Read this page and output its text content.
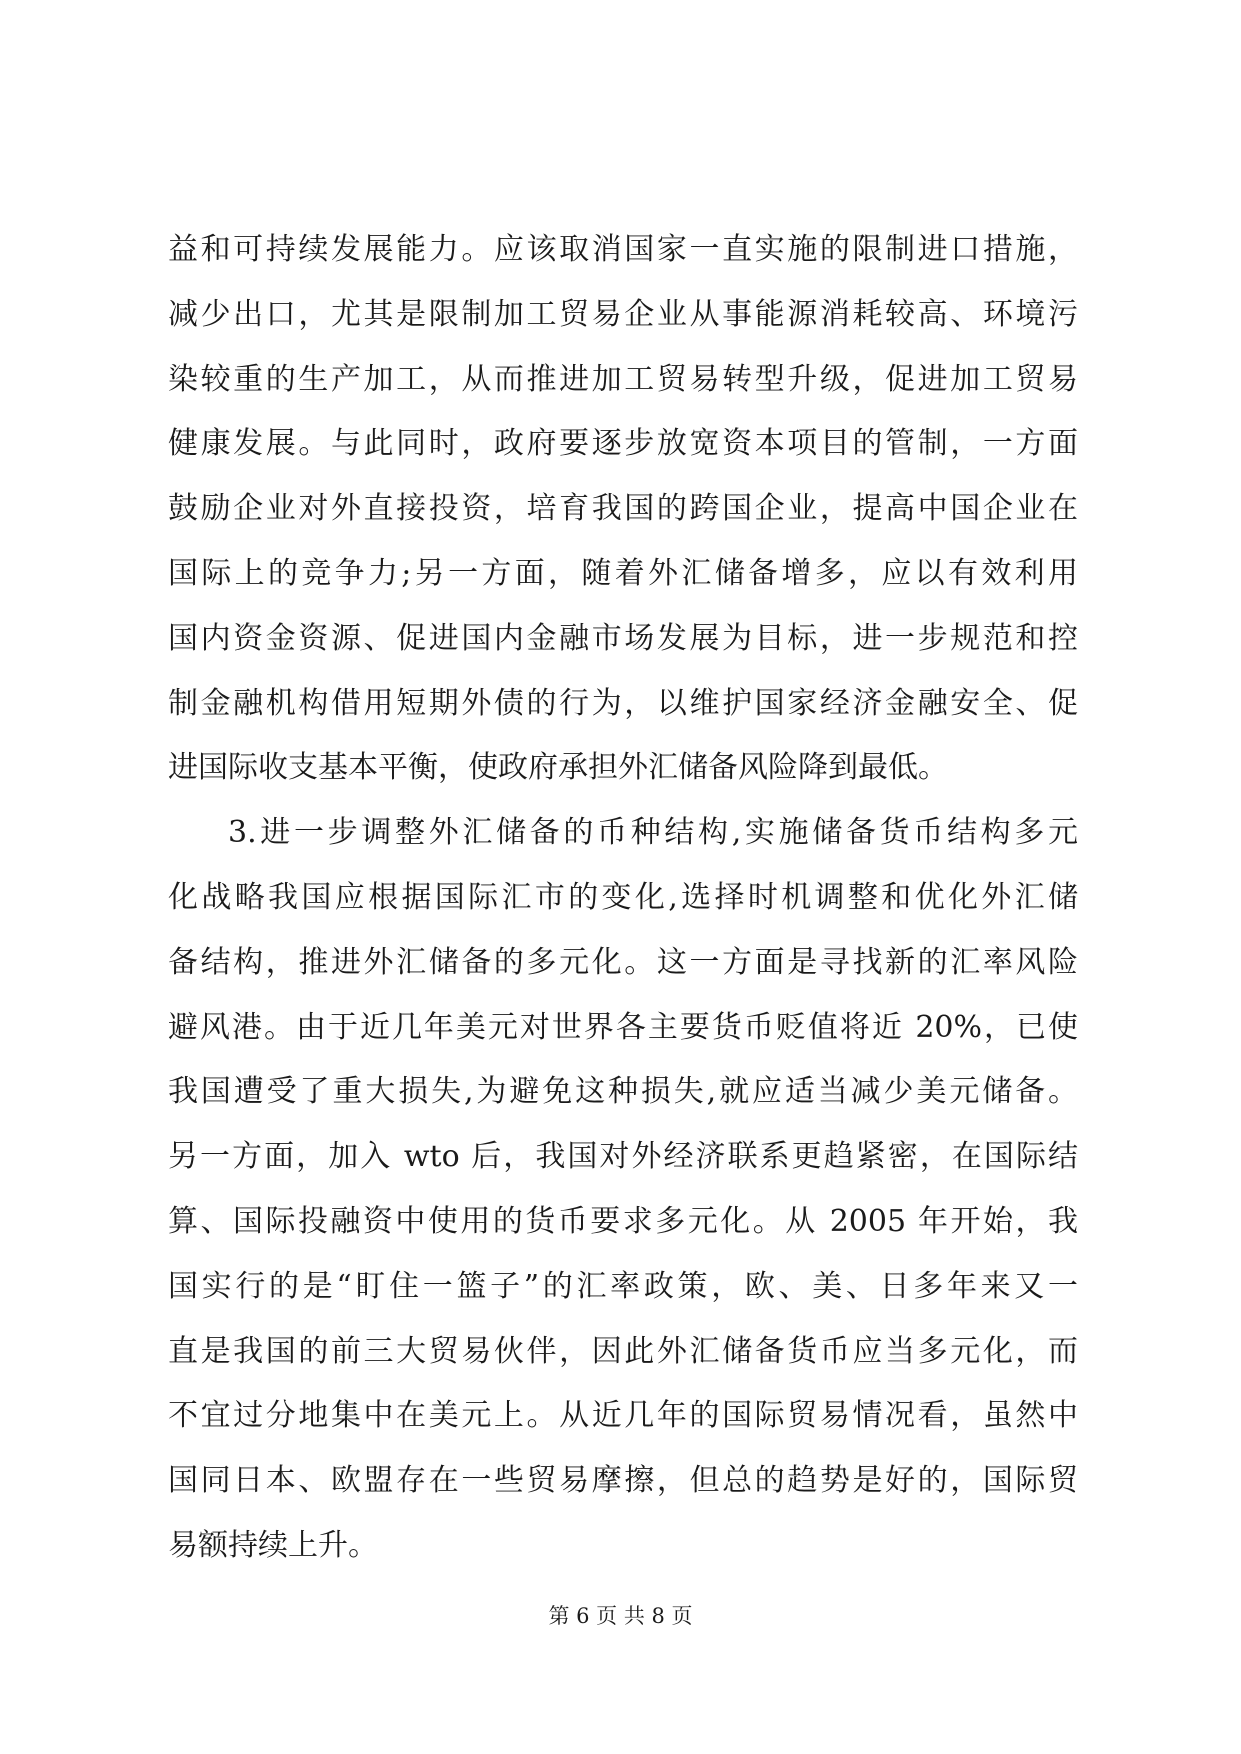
益和可持续发展能力。应该取消国家一直实施的限制进口措施，
减少出口，尤其是限制加工贸易企业从事能源消耗较高、环境污
染较重的生产加工，从而推进加工贸易转型升级，促进加工贸易
健康发展。与此同时，政府要逐步放宽资本项目的管制，一方面
鼓励企业对外直接投资，培育我国的跨国企业，提高中国企业在
国际上的竞争力;另一方面，随着外汇储备增多，应以有效利用
国内资金资源、促进国内金融市场发展为目标，进一步规范和控
制金融机构借用短期外债的行为，以维护国家经济金融安全、促
进国际收支基本平衡，使政府承担外汇储备风险降到最低。
3.进一步调整外汇储备的币种结构,实施储备货币结构多元
化战略我国应根据国际汇市的变化,选择时机调整和优化外汇储
备结构，推进外汇储备的多元化。这一方面是寻找新的汇率风险
避风港。由于近几年美元对世界各主要货币贬值将近 20%，已使
我国遭受了重大损失,为避免这种损失,就应适当减少美元储备。
另一方面，加入 wto 后，我国对外经济联系更趋紧密，在国际结
算、国际投融资中使用的货币要求多元化。从 2005 年开始，我
国实行的是“盯住一篮子”的汇率政策，欧、美、日多年来又一
直是我国的前三大贸易伙伴，因此外汇储备货币应当多元化，而
不宜过分地集中在美元上。从近几年的国际贸易情况看，虽然中
国同日本、欧盟存在一些贸易摩擦，但总的趋势是好的，国际贸
易额持续上升。
第 6 页 共 8 页
